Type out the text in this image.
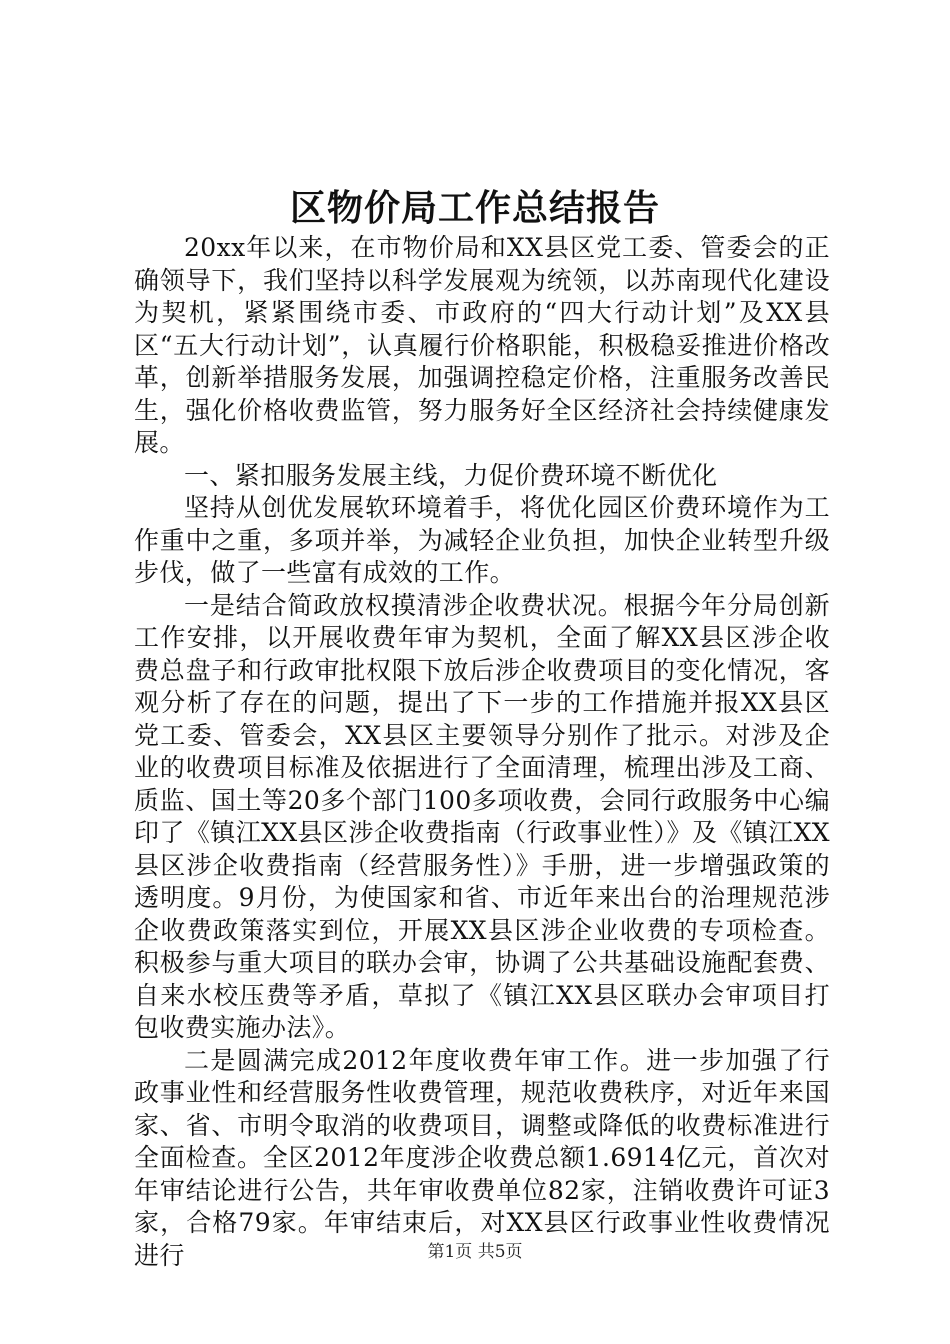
区物价局工作总结报告

20xx年以来，在市物价局和XX县区党工委、管委会的正确领导下，我们坚持以科学发展观为统领，以苏南现代化建设为契机，紧紧围绕市委、市政府的“四大行动计划”及XX县区“五大行动计划”，认真履行价格职能，积极稳妥推进价格改革，创新举措服务发展，加强调控稳定价格，注重服务改善民生，强化价格收费监管，努力服务好全区经济社会持续健康发展。

一、紧扣服务发展主线，力促价费环境不断优化

坚持从创优发展软环境着手，将优化园区价费环境作为工作重中之重，多项并举，为减轻企业负担，加快企业转型升级步伐，做了一些富有成效的工作。

一是结合简政放权摸清涉企收费状况。根据今年分局创新工作安排，以开展收费年审为契机，全面了解XX县区涉企收费总盘子和行政审批权限下放后涉企收费项目的变化情况，客观分析了存在的问题，提出了下一步的工作措施并报XX县区党工委、管委会，XX县区主要领导分别作了批示。对涉及企业的收费项目标准及依据进行了全面清理，梳理出涉及工商、质监、国土等20多个部门100多项收费，会同行政服务中心编印了《镇江XX县区涉企收费指南（行政事业性）》及《镇江XX县区涉企收费指南（经营服务性）》手册，进一步增强政策的透明度。9月份，为使国家和省、市近年来出台的治理规范涉企收费政策落实到位，开展XX县区涉企业收费的专项检查。积极参与重大项目的联办会审，协调了公共基础设施配套费、自来水校压费等矛盾，草拟了《镇江XX县区联办会审项目打包收费实施办法》。

二是圆满完成2012年度收费年审工作。进一步加强了行政事业性和经营服务性收费管理，规范收费秩序，对近年来国家、省、市明令取消的收费项目，调整或降低的收费标准进行全面检查。全区2012年度涉企收费总额1.6914亿元，首次对年审结论进行公告，共年审收费单位82家，注销收费许可证3家，合格79家。年审结束后，对XX县区行政事业性收费情况进行	第1页 共5页
